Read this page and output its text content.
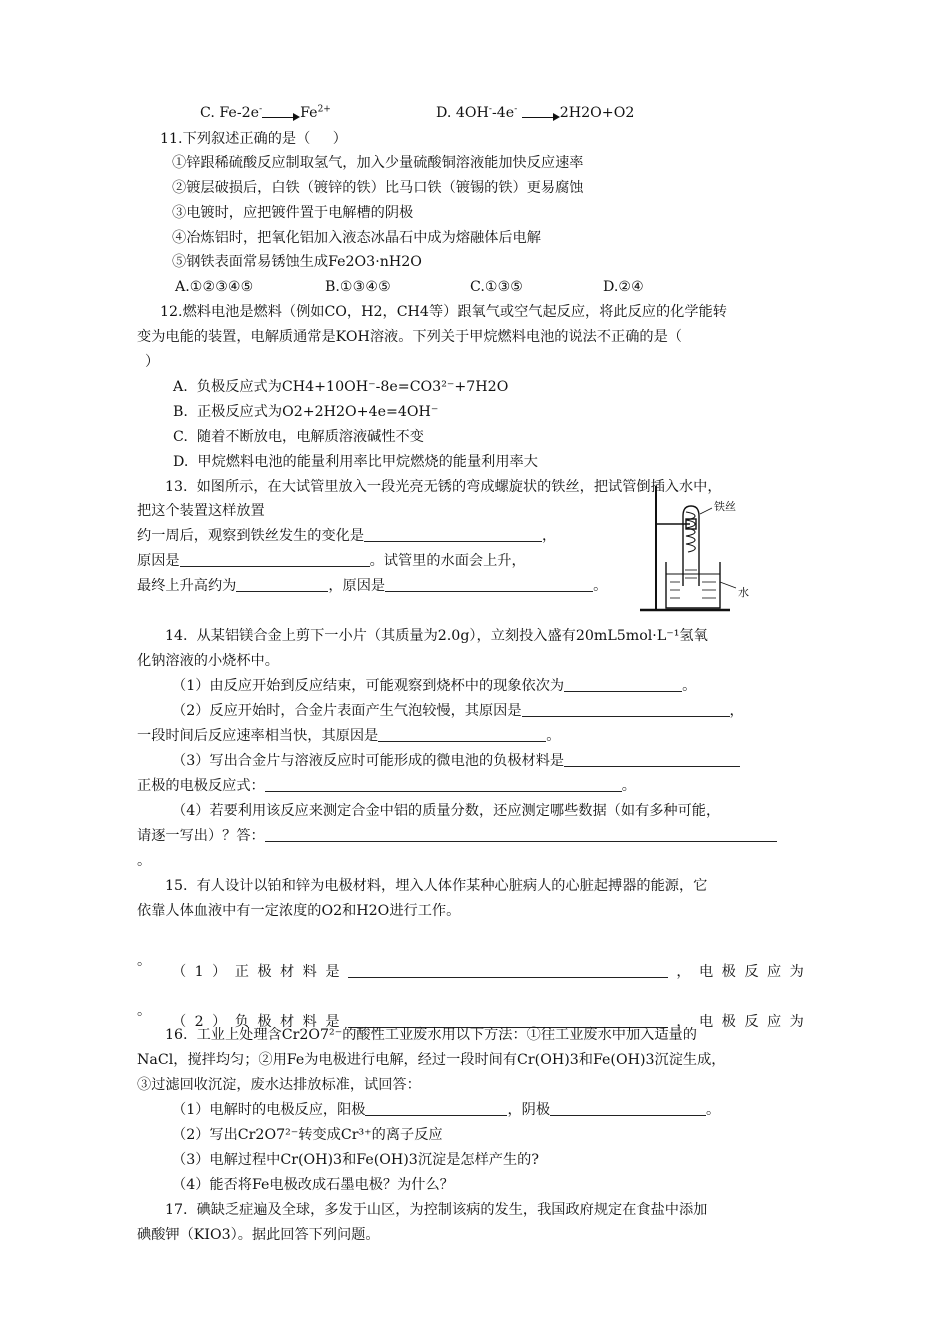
C. Fe-2e-	$Fe^{2+}$	D. 4OH--4e-	2H2O+O2
11.下列叙述正确的是（     ）
①锌跟稀硫酸反应制取氢气，加入少量硫酸铜溶液能加快反应速率
②镀层破损后，白铁（镀锌的铁）比马口铁（镀锡的铁）更易腐蚀
③电镀时，应把镀件置于电解槽的阴极
④冶炼铝时，把氧化铝加入液态冰晶石中成为熔融体后电解
⑤钢铁表面常易锈蚀生成Fe2O3·nH2O
A.①②③④⑤	B.①③④⑤	C.①③⑤	D.②④
12.燃料电池是燃料（例如CO，H2，CH4等）跟氧气或空气起反应，将此反应的化学能转
变为电能的装置，电解质通常是KOH溶液。下列关于甲烷燃料电池的说法不正确的是（
）
A.  负极反应式为CH4+10OH⁻-8e=CO3²⁻+7H2O
B.  正极反应式为O2+2H2O+4e=4OH⁻
C.  随着不断放电，电解质溶液碱性不变
D.  甲烷燃料电池的能量利用率比甲烷燃烧的能量利用率大
13.  如图所示，在大试管里放入一段光亮无锈的弯成螺旋状的铁丝，把试管倒插入水中，
把这个装置这样放置
约一周后，观察到铁丝发生的变化是	，
原因是	。试管里的水面会上升，
最终上升高约为	，原因是	。
铁丝
水
14.  从某铝镁合金上剪下一小片（其质量为2.0g），立刻投入盛有20mL5mol·L⁻¹氢氧
化钠溶液的小烧杯中。
（1）由反应开始到反应结束，可能观察到烧杯中的现象依次为	。
（2）反应开始时，合金片表面产生气泡较慢，其原因是	，
一段时间后反应速率相当快，其原因是	。
（3）写出合金片与溶液反应时可能形成的微电池的负极材料是
正极的电极反应式：	。
（4）若要利用该反应来测定合金中铝的质量分数，还应测定哪些数据（如有多种可能，
请逐一写出）？答：
。
15.  有人设计以铂和锌为电极材料，埋入人体作某种心脏病人的心脏起搏器的能源，它
依靠人体血液中有一定浓度的O2和H2O进行工作。

（ 1 ） 正 极 材 料 是	， 电 极 反 应 为

。

（ 2 ） 负 极 材 料 是	， 电 极 反 应 为

。
16.  工业上处理含Cr2O7²⁻的酸性工业废水用以下方法：①往工业废水中加入适量的
NaCl，搅拌均匀；②用Fe为电极进行电解，经过一段时间有Cr(OH)3和Fe(OH)3沉淀生成，
③过滤回收沉淀，废水达排放标准，试回答：
（1）电解时的电极反应，阳极	，阴极	。
（2）写出Cr2O7²⁻转变成Cr³⁺的离子反应
（3）电解过程中Cr(OH)3和Fe(OH)3沉淀是怎样产生的?
（4）能否将Fe电极改成石墨电极？为什么？
17.  碘缺乏症遍及全球，多发于山区，为控制该病的发生，我国政府规定在食盐中添加
碘酸钾（KIO3）。据此回答下列问题。
